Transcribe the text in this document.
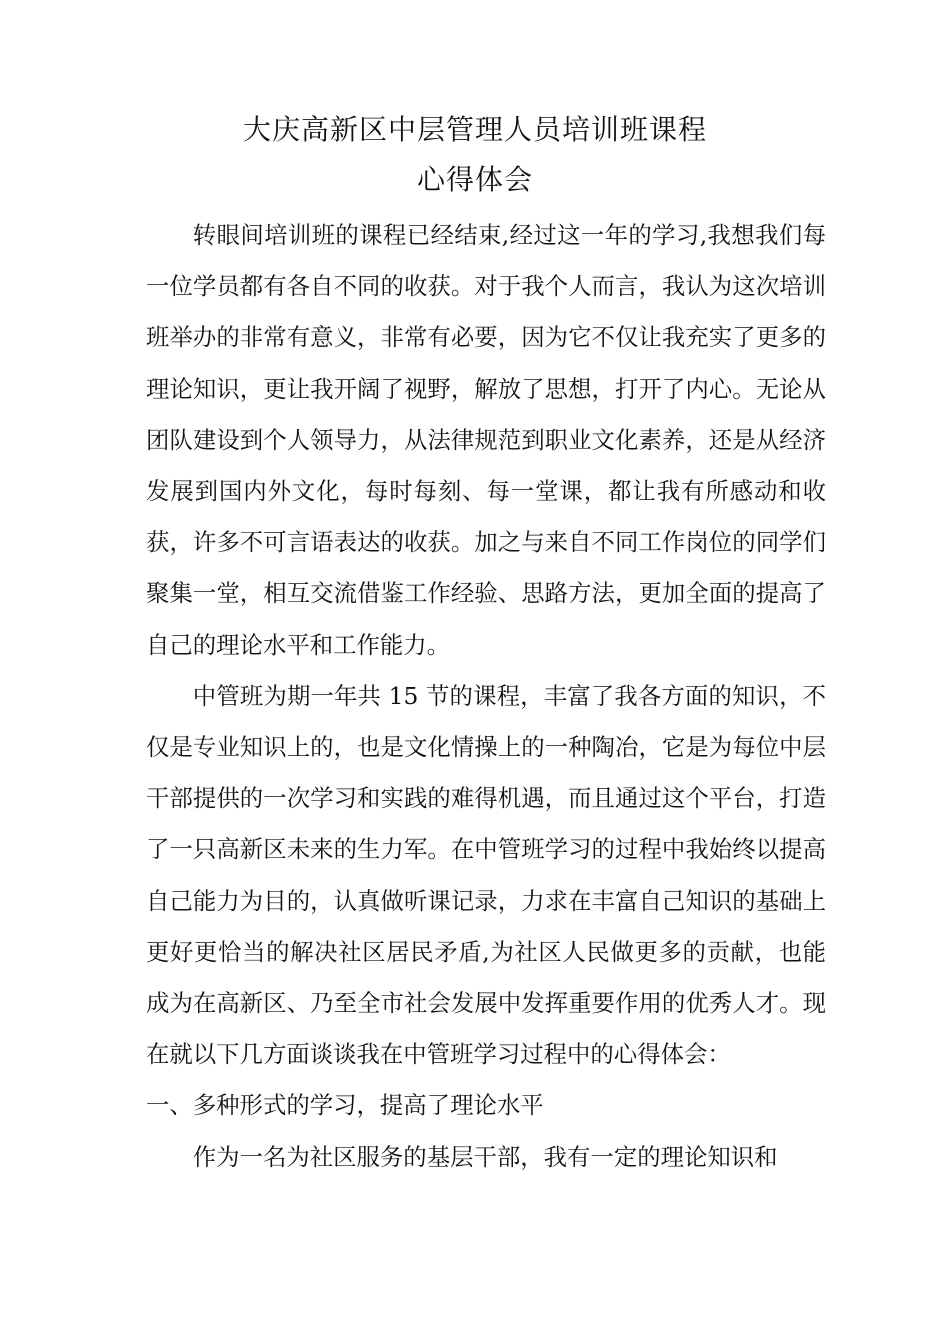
大庆高新区中层管理人员培训班课程
心得体会

转眼间培训班的课程已经结束,经过这一年的学习,我想我们每一位学员都有各自不同的收获。对于我个人而言，我认为这次培训班举办的非常有意义，非常有必要，因为它不仅让我充实了更多的理论知识，更让我开阔了视野，解放了思想，打开了内心。无论从团队建设到个人领导力，从法律规范到职业文化素养，还是从经济发展到国内外文化，每时每刻、每一堂课，都让我有所感动和收获，许多不可言语表达的收获。加之与来自不同工作岗位的同学们聚集一堂，相互交流借鉴工作经验、思路方法，更加全面的提高了自己的理论水平和工作能力。

中管班为期一年共 15 节的课程，丰富了我各方面的知识，不仅是专业知识上的，也是文化情操上的一种陶冶，它是为每位中层干部提供的一次学习和实践的难得机遇，而且通过这个平台，打造了一只高新区未来的生力军。在中管班学习的过程中我始终以提高自己能力为目的，认真做听课记录，力求在丰富自己知识的基础上更好更恰当的解决社区居民矛盾,为社区人民做更多的贡献，也能成为在高新区、乃至全市社会发展中发挥重要作用的优秀人才。现在就以下几方面谈谈我在中管班学习过程中的心得体会：

一、多种形式的学习，提高了理论水平

作为一名为社区服务的基层干部，我有一定的理论知识和
